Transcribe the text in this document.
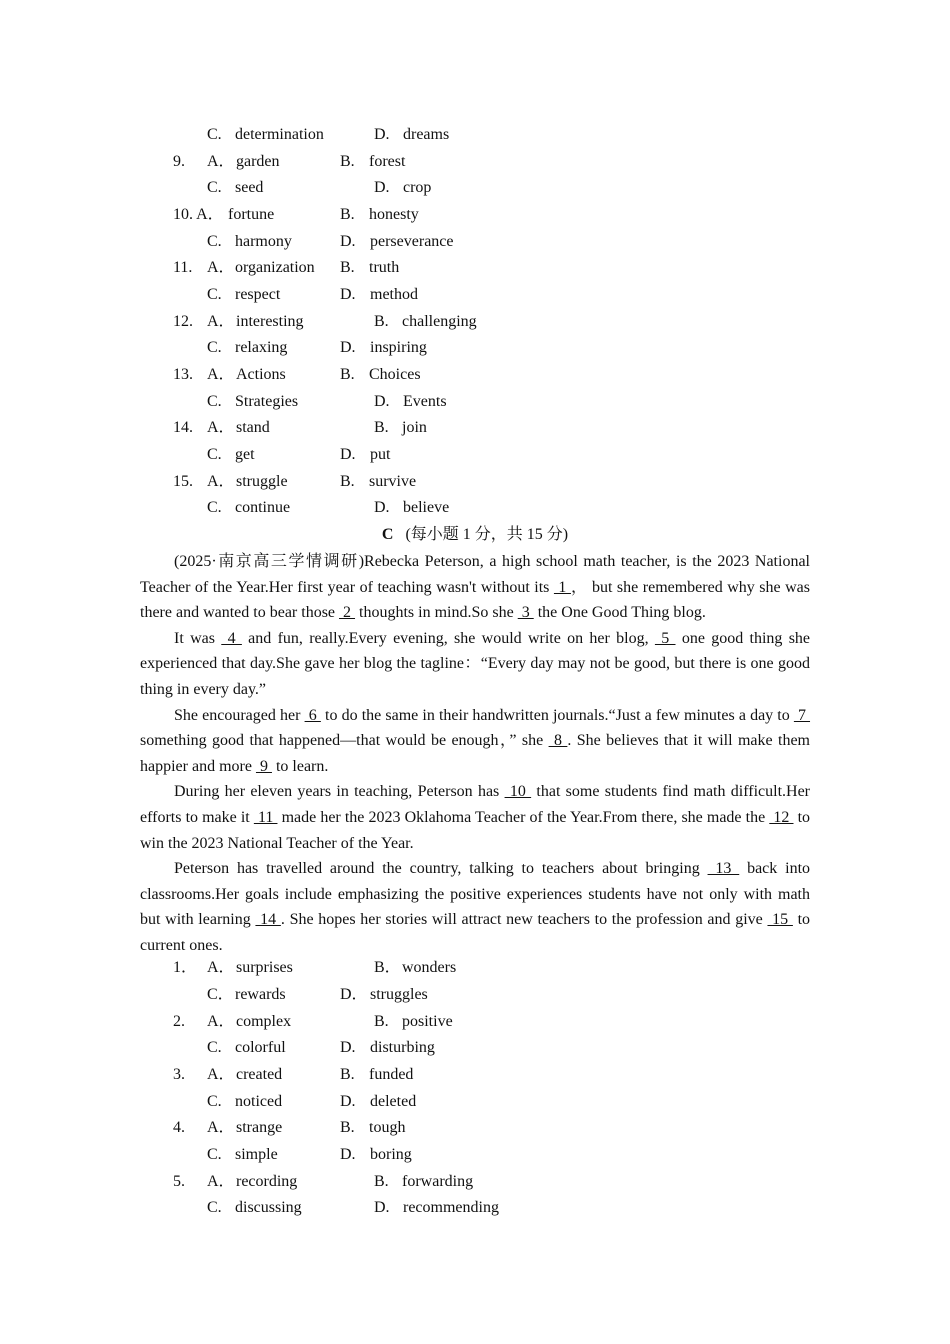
C. determination	D. dreams
9. A． garden	B. forest
C. seed	D. crop
10. A． fortune	B. honesty
C. harmony	D. perseverance
11. A． organization B. truth
C. respect	D. method
12. A． interesting	B. challenging
C. relaxing	D. inspiring
13. A． Actions	B. Choices
C. Strategies	D. Events
14. A． stand	B. join
C. get	D. put
15. A． struggle	B. survive
C. continue	D. believe
C (每小题 1 分，共 15 分)

(2025·南京高三学情调研)Rebecka Peterson, a high school math teacher, is the 2023 National Teacher of the Year.Her first year of teaching wasn't without its  1 ， but she remembered why she was there and wanted to bear those  2  thoughts in mind.So she  3  the One Good Thing blog.

It was  4  and fun, really.Every evening, she would write on her blog,  5  one good thing she experienced that day.She gave her blog the tagline：“Every day may not be good, but there is one good thing in every day.”

She encouraged her  6  to do the same in their handwritten journals.“Just a few minutes a day to  7  something good that happened—that would be enough，” she  8 . She believes that it will make them happier and more  9  to learn.

During her eleven years in teaching, Peterson has  10  that some students find math difficult.Her efforts to make it  11  made her the 2023 Oklahoma Teacher of the Year.From there, she made the  12  to win the 2023 National Teacher of the Year.

Peterson has travelled around the country, talking to teachers about bringing  13  back into classrooms.Her goals include emphasizing the positive experiences students have not only with math but with learning  14 . She hopes her stories will attract new teachers to the profession and give  15  to current ones.

1． A． surprises	B． wonders
C． rewards	D． struggles
2. A． complex	B. positive
C. colorful	D. disturbing
3. A． created	B. funded
C. noticed	D. deleted
4. A． strange	B. tough
C. simple	D. boring
5. A． recording	B. forwarding
C. discussing	D. recommending
